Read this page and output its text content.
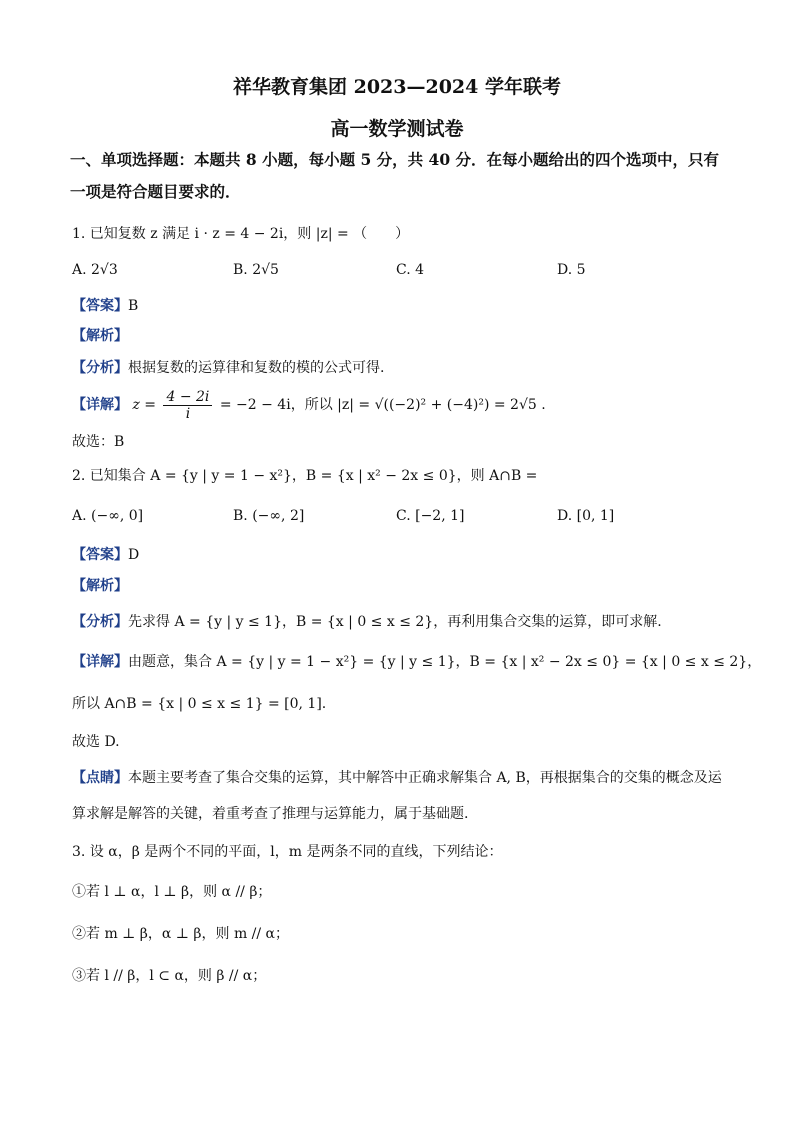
祥华教育集团 2023—2024 学年联考
高一数学测试卷
一、单项选择题：本题共 8 小题，每小题 5 分，共 40 分．在每小题给出的四个选项中，只有
一项是符合题目要求的．
1. 已知复数 z 满足 i · z = 4 − 2i，则 |z| = （　　）
A. 2√3	B. 2√5	C. 4	D. 5
【答案】B
【解析】
【分析】根据复数的运算律和复数的模的公式可得.
【详解】 $z = \frac{4 - 2i}{i} = -2 - 4i$，所以 |z| = √((−2)² + (−4)²) = 2√5 .
故选：B
2. 已知集合 A = {y | y = 1 − x²}，B = {x | x² − 2x ≤ 0}，则 A∩B =
A. (−∞, 0]	B. (−∞, 2]	C. [−2, 1]	D. [0, 1]
【答案】D
【解析】
【分析】先求得 A = {y | y ≤ 1}，B = {x | 0 ≤ x ≤ 2}，再利用集合交集的运算，即可求解.
【详解】由题意，集合 A = {y | y = 1 − x²} = {y | y ≤ 1}，B = {x | x² − 2x ≤ 0} = {x | 0 ≤ x ≤ 2}，
所以 A∩B = {x | 0 ≤ x ≤ 1} = [0, 1].
故选 D.
【点睛】本题主要考查了集合交集的运算，其中解答中正确求解集合 A, B，再根据集合的交集的概念及运
算求解是解答的关键，着重考查了推理与运算能力，属于基础题.
3. 设 α，β 是两个不同的平面，l，m 是两条不同的直线，下列结论：
①若 l ⊥ α，l ⊥ β，则 α // β；
②若 m ⊥ β，α ⊥ β，则 m // α；
③若 l // β，l ⊂ α，则 β // α；
